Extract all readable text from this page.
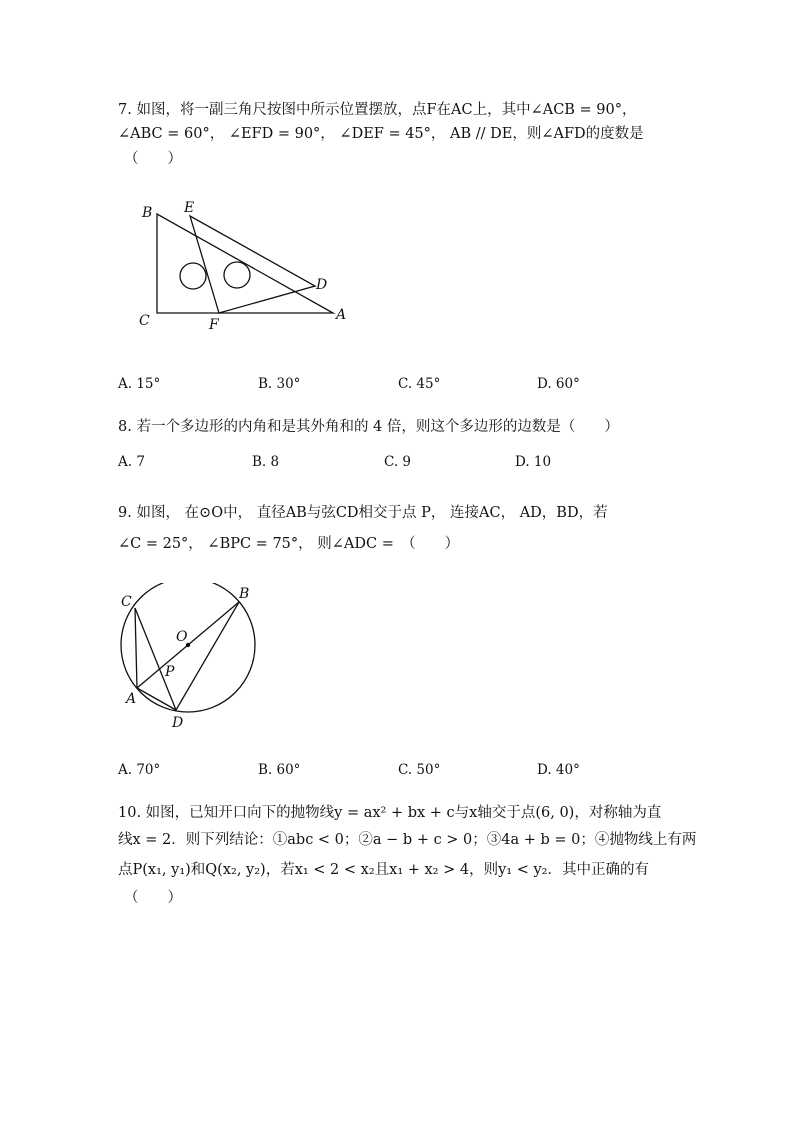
7. 如图，将一副三角尺按图中所示位置摆放，点F在AC上，其中∠ACB = 90°，
∠ABC = 60°， ∠EFD = 90°， ∠DEF = 45°， AB // DE，则∠AFD的度数是
（　　）
B E
D
C	F
A
A. 15°	B. 30°	C. 45°	D. 60°
8. 若一个多边形的内角和是其外角和的 4 倍，则这个多边形的边数是（　　）
A. 7	B. 8	C. 9	D. 10
9. 如图， 在⊙O中， 直径AB与弦CD相交于点 P， 连接AC， AD，BD，若
∠C = 25°， ∠BPC = 75°， 则∠ADC =　（　　）
C	B
O
P
A
D
A. 70°	B. 60°	C. 50°	D. 40°
10. 如图，已知开口向下的抛物线y = ax² + bx + c与x轴交于点(6, 0)，对称轴为直
线x = 2．则下列结论：①abc < 0；②a − b + c > 0；③4a + b = 0；④抛物线上有两
点P(x₁, y₁)和Q(x₂, y₂)，若x₁ < 2 < x₂且x₁ + x₂ > 4，则y₁ < y₂．其中正确的有
（　　）
